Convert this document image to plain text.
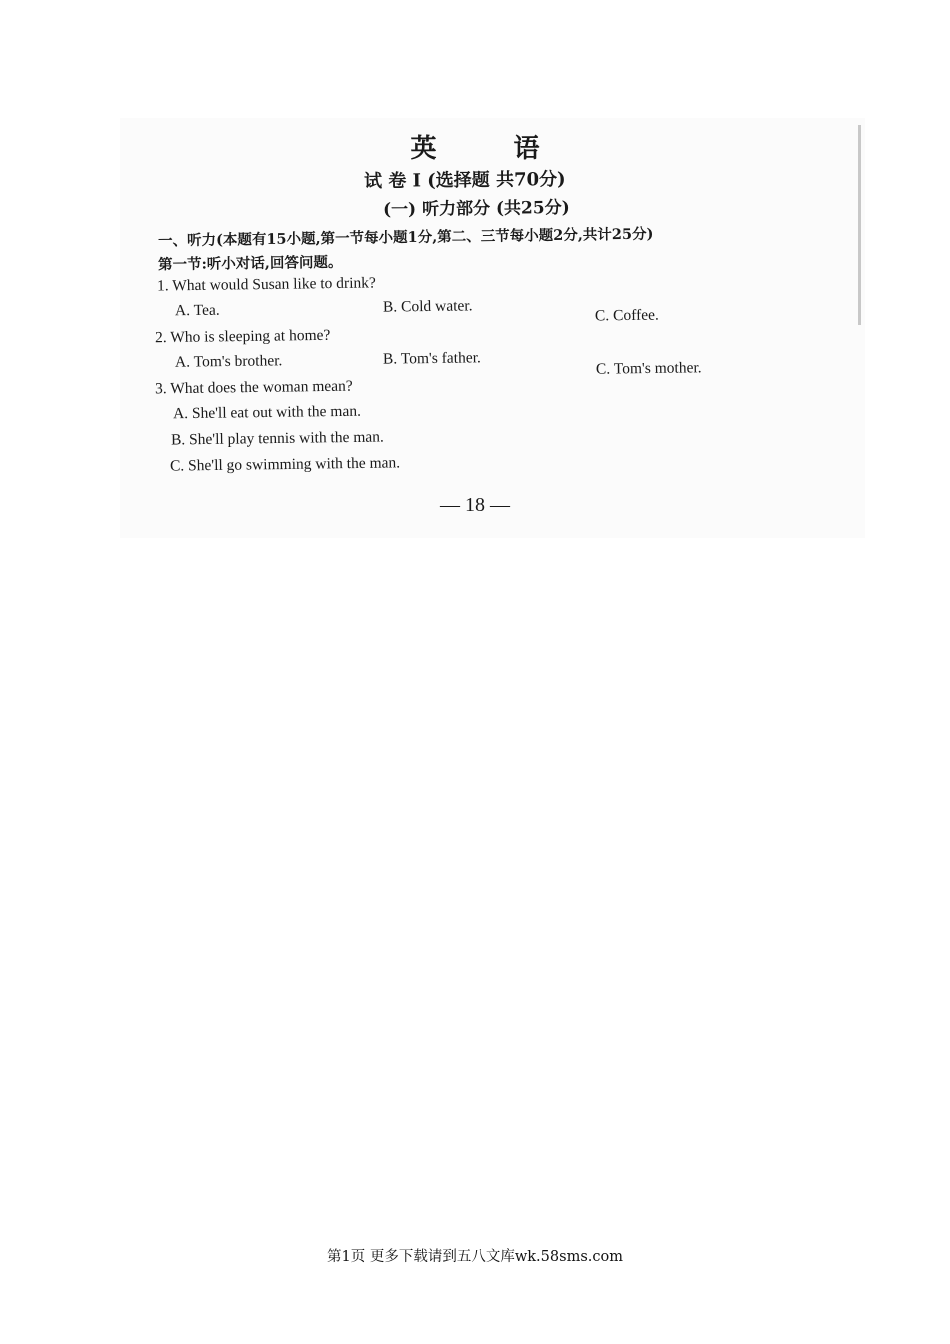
英 语
试 卷 I (选择题 共70分)
(一) 听力部分 (共25分)
一、听力(本题有15小题,第一节每小题1分,第二、三节每小题2分,共计25分)
第一节:听小对话,回答问题。
1. What would Susan like to drink?
A. Tea.	B. Cold water.	C. Coffee.
2. Who is sleeping at home?
A. Tom's brother.	B. Tom's father.
C. Tom's mother.
3. What does the woman mean?
A. She'll eat out with the man.
B. She'll play tennis with the man.
C. She'll go swimming with the man.
— 18 —
第1页 更多下载请到五八文库wk.58sms.com
